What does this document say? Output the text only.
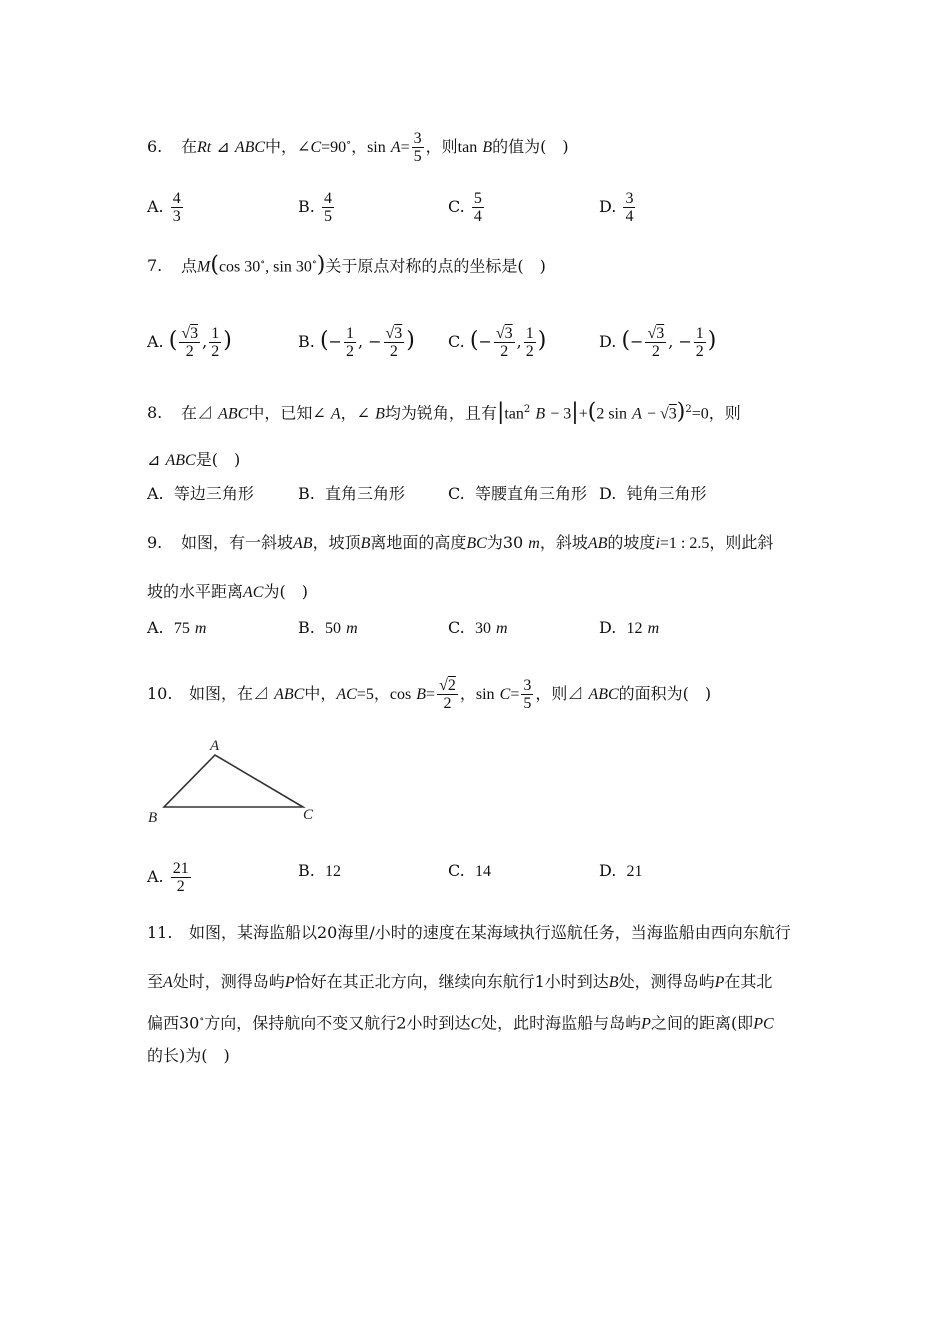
6. 在Rt ⊿ ABC中，∠C=90∘，$\sin A= \frac{3}{5}$ ，则tan B的值为(　)
A. $\frac{4}{3}$	B. $\frac{4}{5}$	C. $\frac{5}{4}$	D. $\frac{3}{4}$
7. 点M(cos 30∘, sin 30∘)关于原点对称的点的坐标是(　)
A. ( $\frac{√3}{2}$ , $\frac{1}{2}$ )	B. (− $\frac{1}{2}$ , − $\frac{√3}{2}$ ) C. (− $\frac{√3}{2}$ , $\frac{1}{2}$ )	D. (− $\frac{√3}{2}$ , − $\frac{1}{2}$ )
8. 在⊿ ABC中，已知∠ A，∠ B均为锐角，且有$|\tan^2$ B − 3|+(2 sin A − √3)$^2$=0，则
⊿ ABC是(　)
A. 等边三角形	B. 直角三角形	C. 等腰直角三角形 D. 钝角三角形
9. 如图，有一斜坡AB，坡顶B离地面的高度BC为30 m，斜坡AB的坡度i=1 : 2.5，则此斜
坡的水平距离AC为(　)
A. 75 m	B. 50 m	C. 30 m	D. 12 m
10. 如图，在⊿ ABC中，AC=5，$\cos B= \frac{√2}{2}$ ，$\sin C= \frac{3}{5}$ ，则⊿ ABC的面积为(　)
A
B	C
A. $\frac{21}{2}$	B. 12	C. 14	D. 21
11. 如图，某海监船以20海里/小时的速度在某海域执行巡航任务，当海监船由西向东航行
至A处时，测得岛屿P恰好在其正北方向，继续向东航行1小时到达B处，测得岛屿P在其北
偏西30∘方向，保持航向不变又航行2小时到达C处，此时海监船与岛屿P之间的距离(即PC
的长)为(　)
